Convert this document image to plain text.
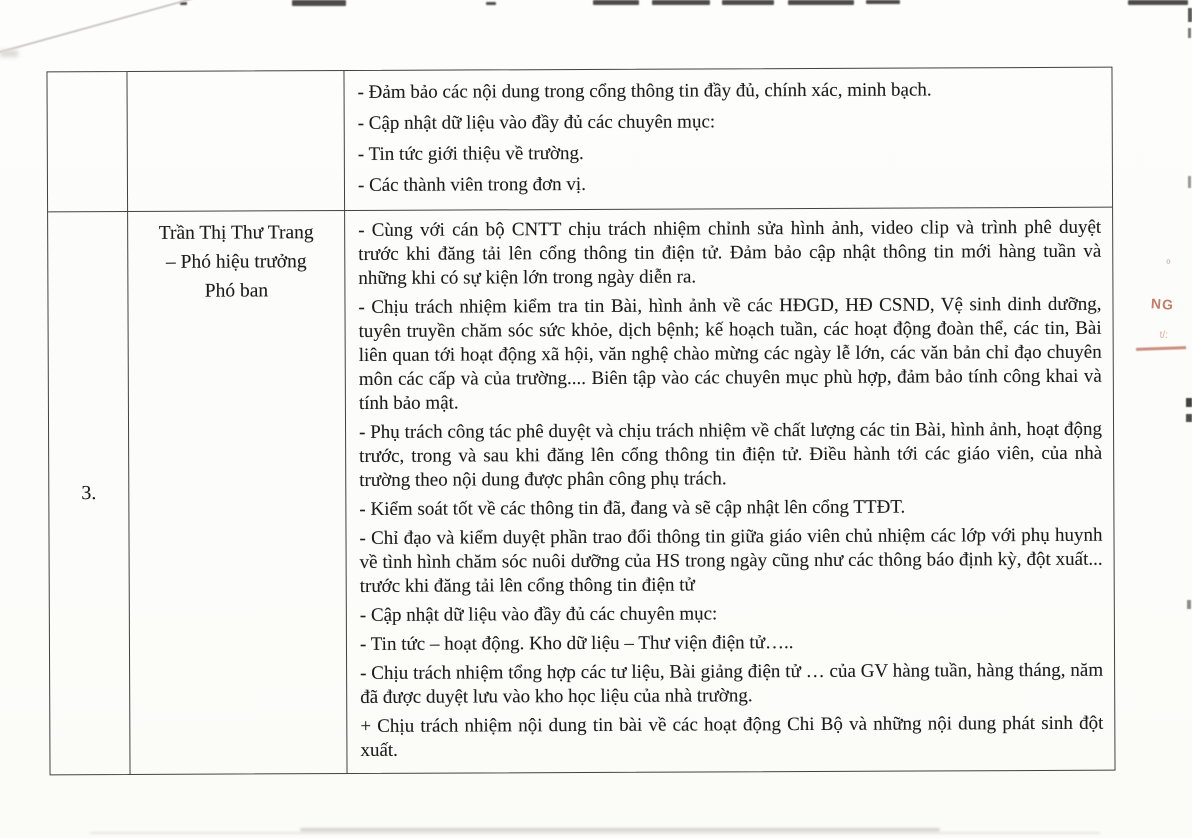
º
NG
t/:

- Đảm bảo các nội dung trong cổng thông tin đầy đủ, chính xác, minh bạch.

- Cập nhật dữ liệu vào đầy đủ các chuyên mục:

- Tin tức giới thiệu về trường.

- Các thành viên trong đơn vị.

3.
Trần Thị Thư Trang
– Phó hiệu trưởng
Phó ban

- Cùng với cán bộ CNTT chịu trách nhiệm chỉnh sửa hình ảnh, video clip và trình phê duyệt trước khi đăng tải lên cổng thông tin điện tử. Đảm bảo cập nhật thông tin mới hàng tuần và những khi có sự kiện lớn trong ngày diễn ra.

- Chịu trách nhiệm kiểm tra tin Bài, hình ảnh về các HĐGD, HĐ CSND, Vệ sinh dinh dưỡng, tuyên truyền chăm sóc sức khỏe, dịch bệnh; kế hoạch tuần, các hoạt động đoàn thể, các tin, Bài liên quan tới hoạt động xã hội, văn nghệ chào mừng các ngày lễ lớn, các văn bản chỉ đạo chuyên môn các cấp và của trường.... Biên tập vào các chuyên mục phù hợp, đảm bảo tính công khai và tính bảo mật.

- Phụ trách công tác phê duyệt và chịu trách nhiệm về chất lượng các tin Bài, hình ảnh, hoạt động trước, trong và sau khi đăng lên cổng thông tin điện tử. Điều hành tới các giáo viên, của nhà trường theo nội dung được phân công phụ trách.

- Kiểm soát tốt về các thông tin đã, đang và sẽ cập nhật lên cổng TTĐT.

- Chỉ đạo và kiểm duyệt phần trao đổi thông tin giữa giáo viên chủ nhiệm các lớp với phụ huynh về tình hình chăm sóc nuôi dưỡng của HS trong ngày cũng như các thông báo định kỳ, đột xuất... trước khi đăng tải lên cổng thông tin điện tử

- Cập nhật dữ liệu vào đầy đủ các chuyên mục:

- Tin tức – hoạt động. Kho dữ liệu – Thư viện điện tử…..

- Chịu trách nhiệm tổng hợp các tư liệu, Bài giảng điện tử … của GV hàng tuần, hàng tháng, năm đã được duyệt lưu vào kho học liệu của nhà trường.

+ Chịu trách nhiệm nội dung tin bài về các hoạt động Chi Bộ và những nội dung phát sinh đột xuất.
